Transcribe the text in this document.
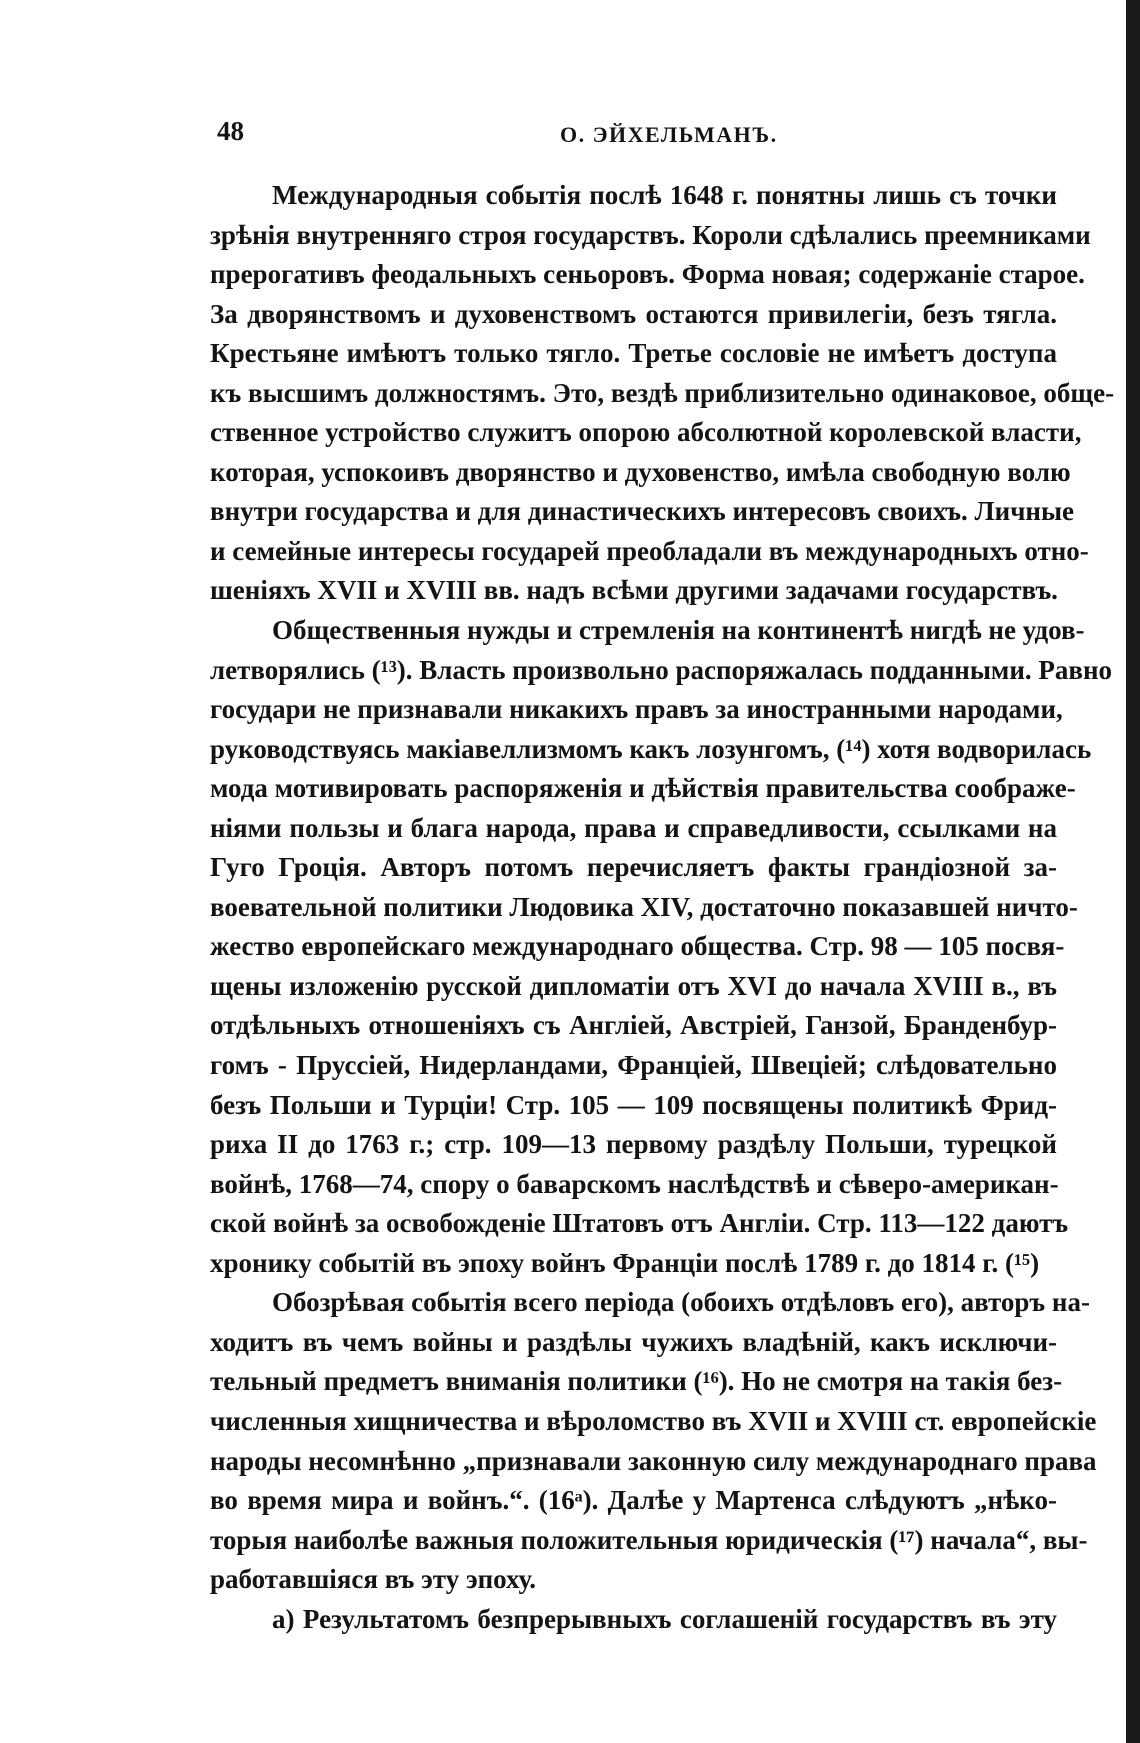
48	О. ЭЙХЕЛЬМАНЪ.
Международныя событія послѣ 1648 г. понятны лишь съ точки
зрѣнія внутренняго строя государствъ. Короли сдѣлались преемниками
прерогативъ феодальныхъ сеньоровъ. Форма новая; содержаніе старое.
За дворянствомъ и духовенствомъ остаются привилегіи, безъ тягла.
Крестьяне имѣютъ только тягло. Третье сословіе не имѣетъ доступа
къ высшимъ должностямъ. Это, вездѣ приблизительно одинаковое, обще-
ственное устройство служитъ опорою абсолютной королевской власти,
которая, успокоивъ дворянство и духовенство, имѣла свободную волю
внутри государства и для династическихъ интересовъ своихъ. Личные
и семейные интересы государей преобладали въ международныхъ отно-
шеніяхъ XVII и XVIII вв. надъ всѣми другими задачами государствъ.
Общественныя нужды и стремленія на континентѣ нигдѣ не удов-
летворялись (¹³). Власть произвольно распоряжалась подданными. Равно
государи не признавали никакихъ правъ за иностранными народами,
руководствуясь макіавеллизмомъ какъ лозунгомъ, (¹⁴) хотя водворилась
мода мотивировать распоряженія и дѣйствія правительства соображе-
ніями пользы и блага народа, права и справедливости, ссылками на
Гуго Гроція. Авторъ потомъ перечисляетъ факты грандіозной за-
воевательной политики Людовика XIV, достаточно показавшей ничто-
жество европейскаго международнаго общества. Стр. 98 — 105 посвя-
щены изложенію русской дипломатіи отъ XVI до начала XVIII в., въ
отдѣльныхъ отношеніяхъ съ Англіей, Австріей, Ганзой, Бранденбур-
гомъ - Пруссіей, Нидерландами, Франціей, Швеціей; слѣдовательно
безъ Польши и Турціи! Стр. 105 — 109 посвящены политикѣ Фрид-
риха II до 1763 г.; стр. 109—13 первому раздѣлу Польши, турецкой
войнѣ, 1768—74, спору о баварскомъ наслѣдствѣ и сѣверо-американ-
ской войнѣ за освобожденіе Штатовъ отъ Англіи. Стр. 113—122 даютъ
хронику событій въ эпоху войнъ Франціи послѣ 1789 г. до 1814 г. (¹⁵)
Обозрѣвая событія всего періода (обоихъ отдѣловъ его), авторъ на-
ходитъ въ чемъ войны и раздѣлы чужихъ владѣній, какъ исключи-
тельный предметъ вниманія политики (¹⁶). Но не смотря на такія без-
численныя хищничества и вѣроломство въ XVII и XVIII ст. европейскіе
народы несомнѣнно „признавали законную силу международнаго права
во время мира и войнъ.“. (16ᵃ). Далѣе у Мартенса слѣдуютъ „нѣко-
торыя наиболѣе важныя положительныя юридическія (¹⁷) начала“, вы-
работавшіяся въ эту эпоху.
a) Результатомъ безпрерывныхъ соглашеній государствъ въ эту
